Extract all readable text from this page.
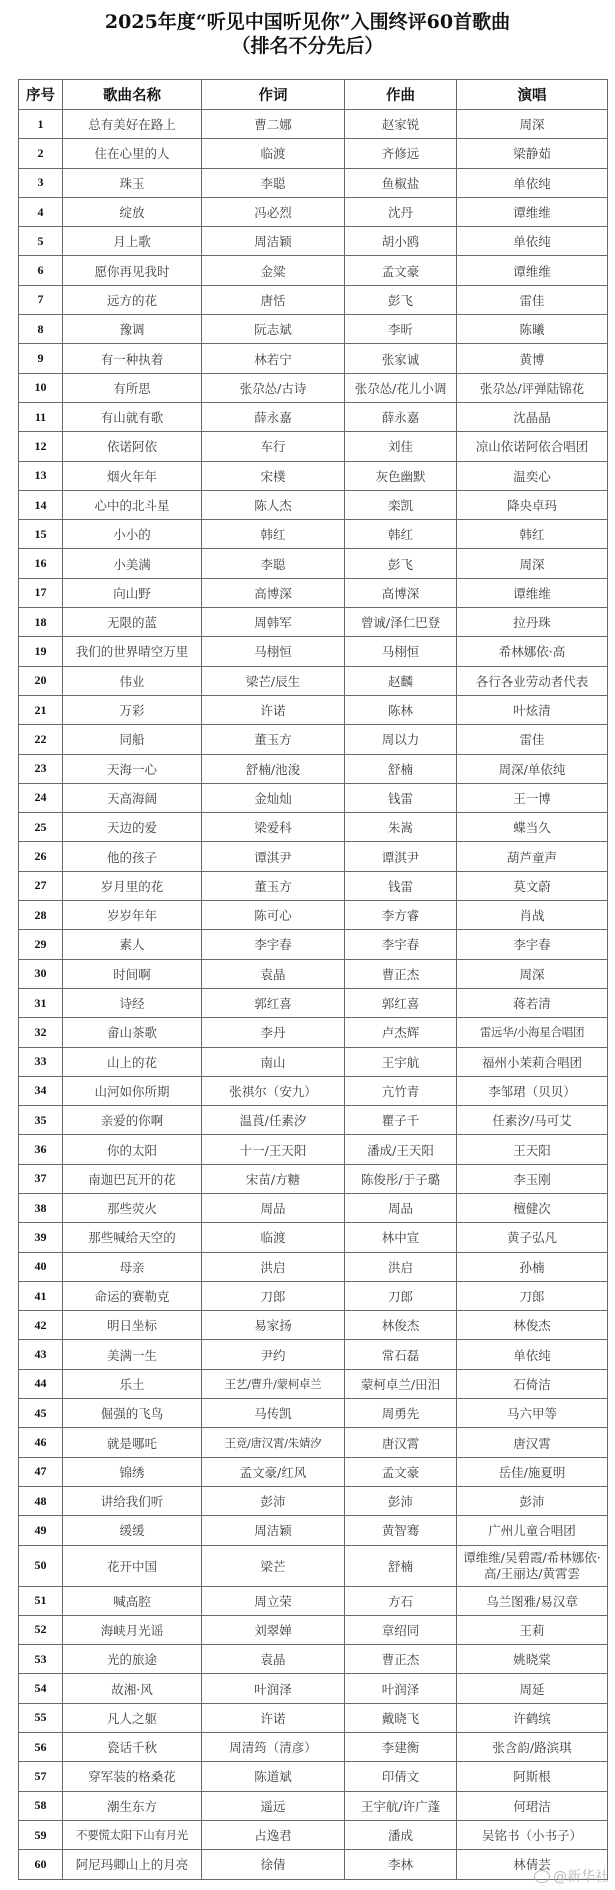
2025年度“听见中国听见你”入围终评60首歌曲
（排名不分先后）
序号	歌曲名称	作词	作曲	演唱
1	总有美好在路上	曹二娜	赵家锐	周深
2	住在心里的人	临渡	齐修远	梁静茹
3	珠玉	李聪	鱼椒盐	单依纯
4	绽放	冯必烈	沈丹	谭维维
5	月上歌	周洁颖	胡小鸥	单依纯
6	愿你再见我时	金粱	孟文豪	谭维维
7	远方的花	唐恬	彭飞	雷佳
8	豫调	阮志斌	李昕	陈曦
9	有一种执着	林若宁	张家诚	黄博
10	有所思	张尕怂/古诗	张尕怂/花儿小调	张尕怂/评弹陆锦花
11	有山就有歌	薛永嘉	薛永嘉	沈晶晶
12	依诺阿依	车行	刘佳	凉山依诺阿依合唱团
13	烟火年年	宋樸	灰色幽默	温奕心
14	心中的北斗星	陈人杰	栾凯	降央卓玛
15	小小的	韩红	韩红	韩红
16	小美满	李聪	彭飞	周深
17	向山野	高博深	高博深	谭维维
18	无限的蓝	周韩军	曾诚/泽仁巴登	拉丹珠
19	我们的世界晴空万里	马栩恒	马栩恒	希林娜依·高
20	伟业	梁芒/辰生	赵麟	各行各业劳动者代表
21	万彩	许诺	陈林	叶炫清
22	同船	董玉方	周以力	雷佳
23	天海一心	舒楠/池浚	舒楠	周深/单依纯
24	天高海阔	金灿灿	钱雷	王一博
25	天边的爱	梁爱科	朱嵩	蝶当久
26	他的孩子	谭淇尹	谭淇尹	葫芦童声
27	岁月里的花	董玉方	钱雷	莫文蔚
28	岁岁年年	陈可心	李方睿	肖战
29	素人	李宇春	李宇春	李宇春
30	时间啊	袁晶	曹正杰	周深
31	诗经	郭红喜	郭红喜	蒋若清
32	畲山茶歌	李丹	卢杰辉	雷远华/小海星合唱团
33	山上的花	南山	王宇航	福州小茉莉合唱团
34	山河如你所期	张祺尔（安九）	亢竹青	李邹珺（贝贝）
35	亲爱的你啊	温莨/任素汐	瞿子千	任素汐/马可艾
36	你的太阳	十一/王天阳	潘成/王天阳	王天阳
37	南迦巴瓦开的花	宋苗/方糖	陈俊彤/于子璐	李玉刚
38	那些荧火	周品	周品	檀健次
39	那些喊给天空的	临渡	林中宣	黄子弘凡
40	母亲	洪启	洪启	孙楠
41	命运的赛勒克	刀郎	刀郎	刀郎
42	明日坐标	易家扬	林俊杰	林俊杰
43	美满一生	尹约	常石磊	单依纯
44	乐土	王艺/曹升/蒙柯卓兰	蒙柯卓兰/田汨	石倚洁
45	倔强的飞鸟	马传凯	周勇先	马六甲等
46	就是哪吒	王竞/唐汉霄/朱婧汐	唐汉霄	唐汉霄
47	锦绣	孟文豪/红风	孟文豪	岳佳/施夏明
48	讲给我们听	彭沛	彭沛	彭沛
49	缓缓	周洁颖	黄智骞	广州儿童合唱团
50	花开中国	梁芒	舒楠	谭维维/吴碧霞/希林娜依·高/王丽达/黄霄雲
51	喊高腔	周立荣	方石	乌兰图雅/易汉章
52	海峡月光谣	刘翠婵	章绍同	王莉
53	光的旅途	袁晶	曹正杰	姚晓棠
54	故湘·风	叶润泽	叶润泽	周延
55	凡人之躯	许诺	戴晓飞	许鹤缤
56	瓷话千秋	周清筠（清彦）	李建衡	张含韵/路滨琪
57	穿军装的格桑花	陈道斌	印倩文	阿斯根
58	潮生东方	遥远	王宇航/许广蓬	何珺洁
59	不要慌太阳下山有月光	占逸君	潘成	吴铭书（小书子）
60	阿尼玛卿山上的月亮	徐倩	李林	林倩芸
@新华社
